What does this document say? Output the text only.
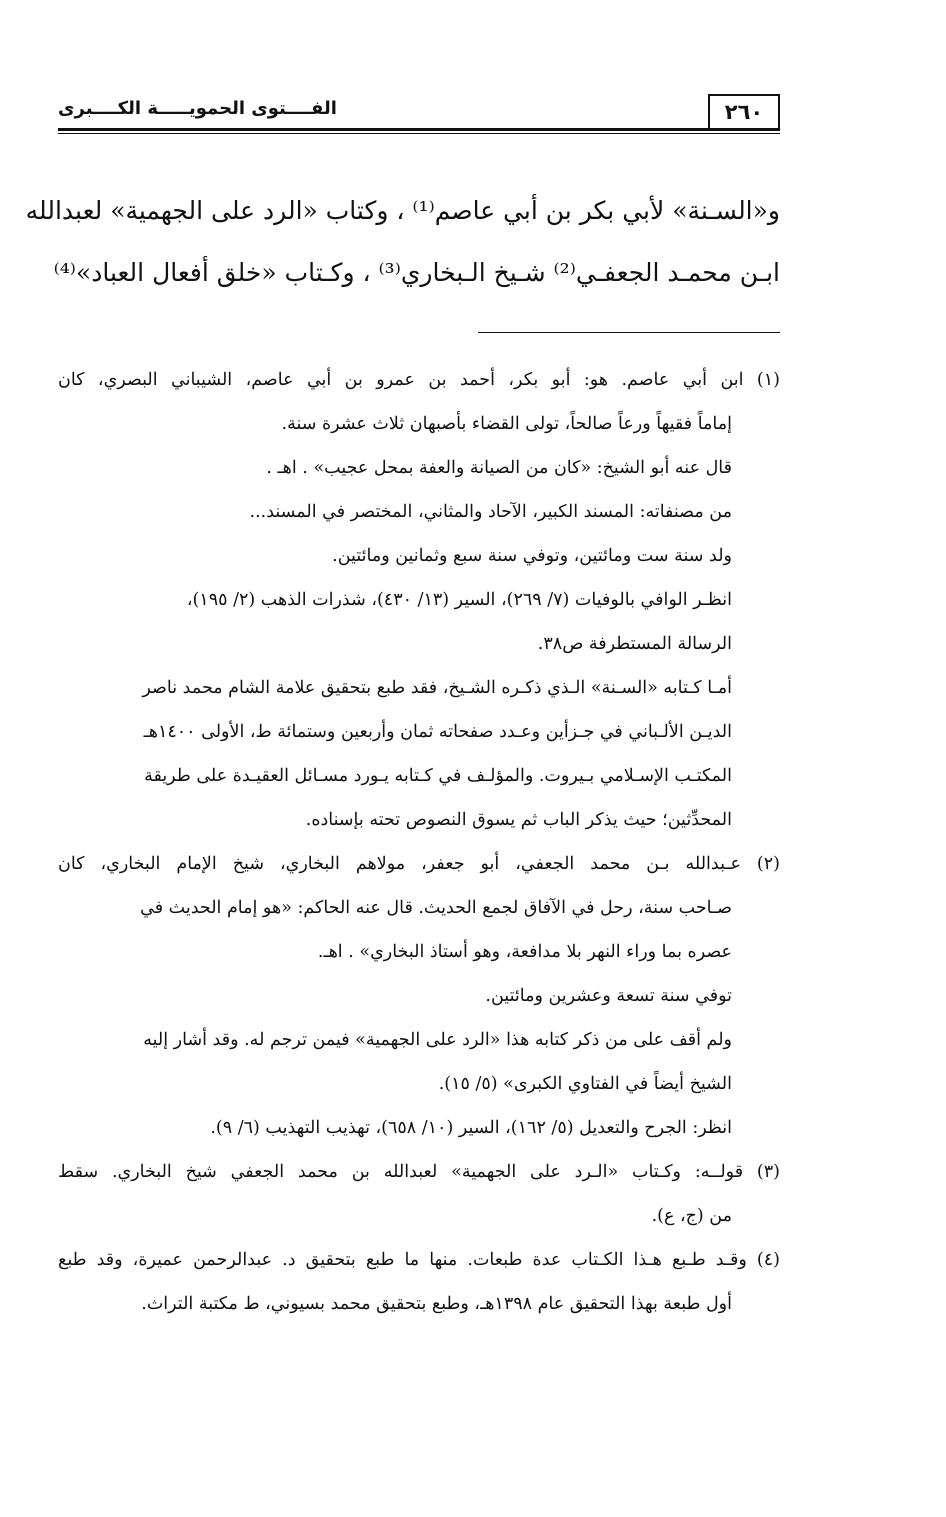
٢٦٠
الفــــتوى الحمويـــــة الكــــبرى
و«السـنة» لأبي بكر بن أبي عاصم⁽¹⁾ ، وكتاب «الرد على الجهمية» لعبدالله
ابـن محمـد الجعفـي⁽²⁾ شـيخ الـبخاري⁽³⁾ ، وكـتاب «خلق أفعال العباد»⁽⁴⁾
(١) ابن أبي عاصم. هو: أبو بكر، أحمد بن عمرو بن أبي عاصم، الشيباني البصري، كان
إماماً فقيهاً ورعاً صالحاً، تولى القضاء بأصبهان ثلاث عشرة سنة.
قال عنه أبو الشيخ: «كان من الصيانة والعفة بمحل عجيب» . اهـ .
من مصنفاته: المسند الكبير، الآحاد والمثاني، المختصر في المسند...
ولد سنة ست ومائتين، وتوفي سنة سبع وثمانين ومائتين.
انظـر الوافي بالوفيات (٧/ ٢٦٩)، السير (١٣/ ٤٣٠)، شذرات الذهب (٢/ ١٩٥)،
الرسالة المستطرفة ص٣٨.
أمـا كـتابه «السـنة» الـذي ذكـره الشـيخ، فقد طبع بتحقيق علامة الشام محمد ناصر
الديـن الألـباني في جـزأين وعـدد صفحاته ثمان وأربعين وستمائة ط، الأولى ١٤٠٠هـ
المكتـب الإسـلامي بـيروت. والمؤلـف في كـتابه يـورد مسـائل العقيـدة على طريقة
المحدِّثين؛ حيث يذكر الباب ثم يسوق النصوص تحته بإسناده.
(٢) عـبدالله بـن محمد الجعفي، أبو جعفر، مولاهم البخاري، شيخ الإمام البخاري، كان
صـاحب سنة، رحل في الآفاق لجمع الحديث. قال عنه الحاكم: «هو إمام الحديث في
عصره بما وراء النهر بلا مدافعة، وهو أستاذ البخاري» . اهـ.
توفي سنة تسعة وعشرين ومائتين.
ولم أقف على من ذكر كتابه هذا «الرد على الجهمية» فيمن ترجم له. وقد أشار إليه
الشيخ أيضاً في الفتاوي الكبرى» (٥/ ١٥).
انظر: الجرح والتعديل (٥/ ١٦٢)، السير (١٠/ ٦٥٨)، تهذيب التهذيب (٦/ ٩).
(٣) قولــه: وكـتاب «الـرد على الجهمية» لعبدالله بن محمد الجعفي شيخ البخاري. سقط
من (ج، ع).
(٤) وقـد طـبع هـذا الكـتاب عدة طبعات. منها ما طبع بتحقيق د. عبدالرحمن عميرة، وقد طبع
أول طبعة بهذا التحقيق عام ١٣٩٨هـ، وطبع بتحقيق محمد بسيوني، ط مكتبة التراث.
